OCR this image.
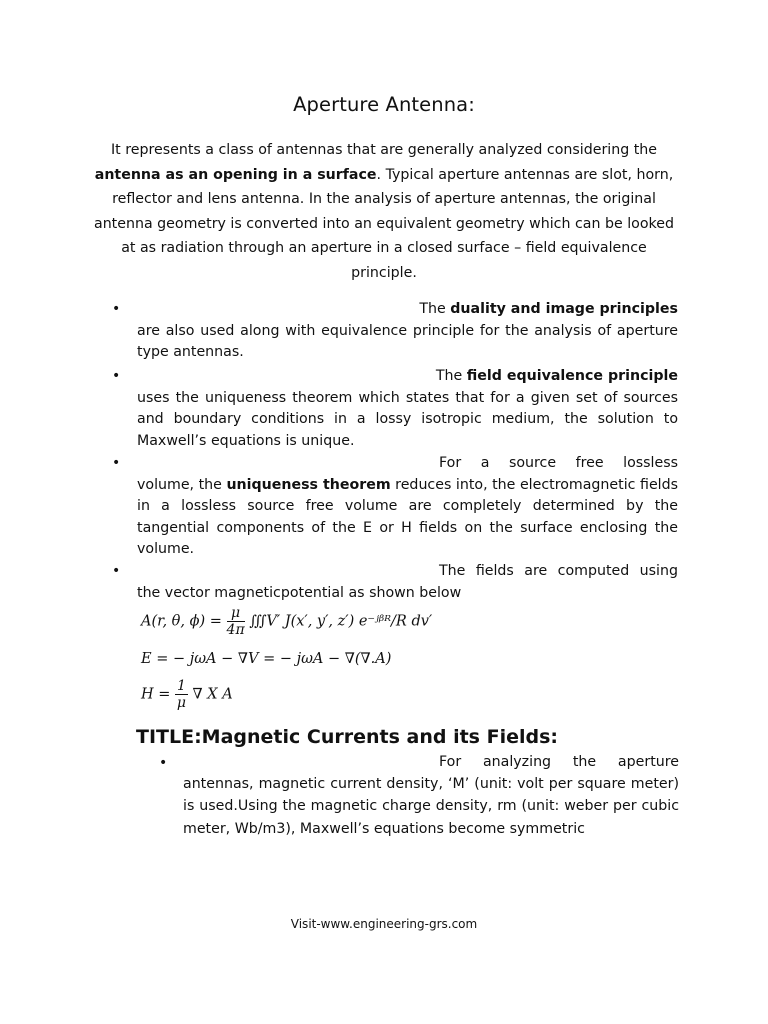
Aperture Antenna:
It represents a class of antennas that are generally analyzed considering the antenna as an opening in a surface. Typical aperture antennas are slot, horn, reflector and lens antenna. In the analysis of aperture antennas, the original antenna geometry is converted into an equivalent geometry which can be looked at as radiation through an aperture in a closed surface – field equivalence principle.
•	The duality and image principles
are also used along with equivalence principle for the analysis of aperture type antennas.
•	The field equivalence principle
uses the uniqueness theorem which states that for a given set of sources and boundary conditions in a lossy isotropic medium, the solution to Maxwell’s equations is unique.
•	For a source free lossless
volume, the uniqueness theorem reduces into, the electromagnetic fields in a lossless source free volume are completely determined by the tangential components of the E or H fields on the surface enclosing the volume.
•	The fields are computed using
the vector magneticpotential as shown below
A(r, θ, $\phi) = \frac{\mu}{4\pi}$ ∭V′ J(x′, y′, z′) e⁻ʲᵝᴿ/R dv′
E = − jωA − ∇V = − jωA − ∇(∇.A)
$H = \frac{1}{\mu}$ ∇ X A
TITLE:Magnetic Currents and its Fields:
•	For analyzing the aperture
antennas, magnetic current density, ‘M’ (unit: volt per square meter) is used.Using the magnetic charge density, rm (unit: weber per cubic meter, Wb/m3), Maxwell’s equations become symmetric
Visit-www.engineering-grs.com
